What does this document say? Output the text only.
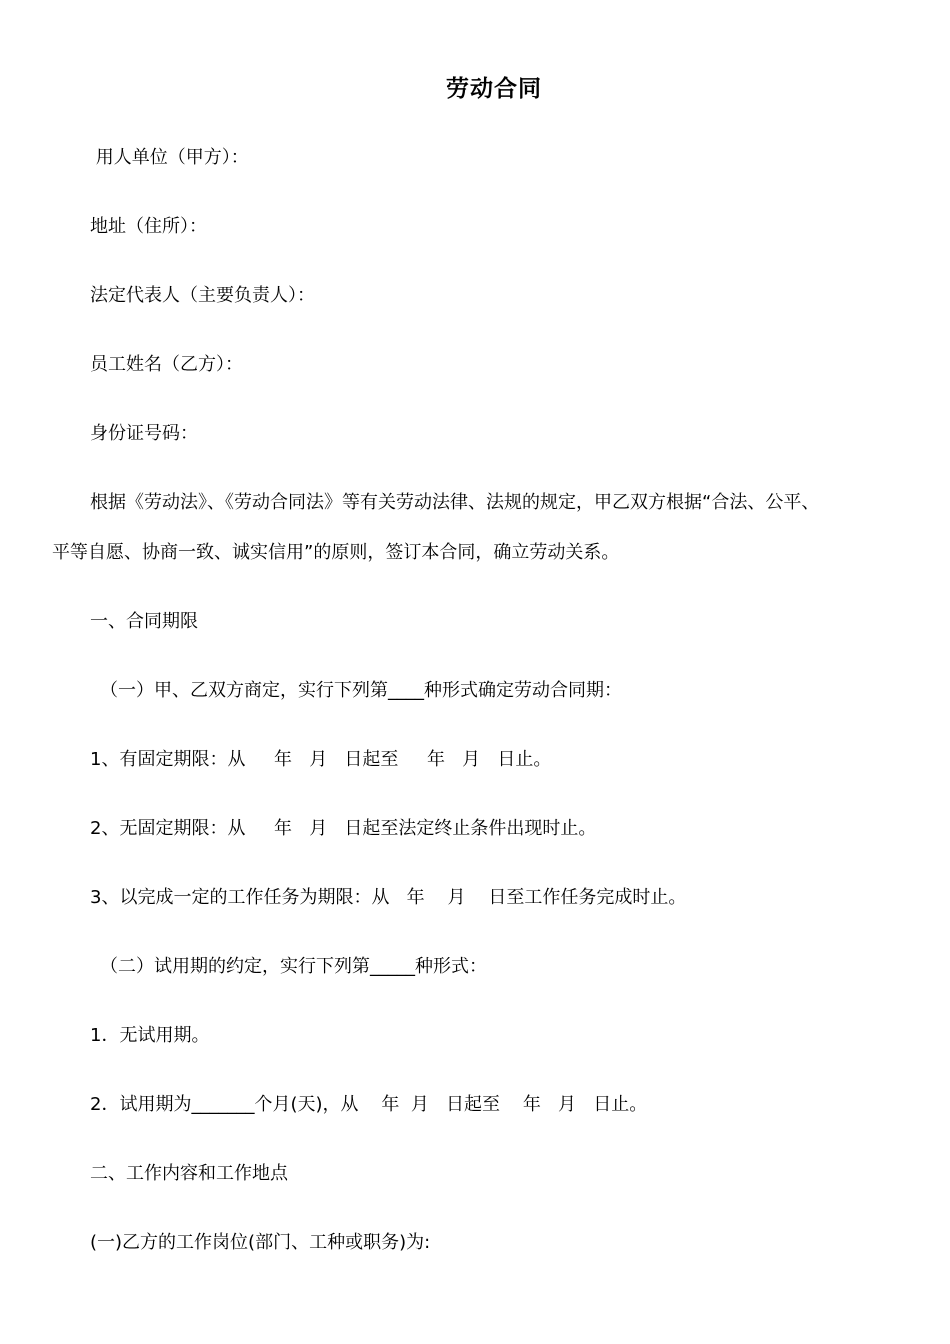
劳动合同
用人单位（甲方）：
地址（住所）：
法定代表人（主要负责人）：
员工姓名（乙方）：
身份证号码：
根据《劳动法》、《劳动合同法》等有关劳动法律、法规的规定，甲乙双方根据“合法、公平、
平等自愿、协商一致、诚实信用”的原则，签订本合同，确立劳动关系。
一、合同期限
（一）甲、乙双方商定，实行下列第____种形式确定劳动合同期：
1、有固定期限：从     年   月   日起至     年   月   日止。
2、无固定期限：从     年   月   日起至法定终止条件出现时止。
3、以完成一定的工作任务为期限：从   年    月    日至工作任务完成时止。
（二）试用期的约定，实行下列第_____种形式：
1．无试用期。
2．试用期为_______个月(天)，从    年  月   日起至    年   月   日止。
二、工作内容和工作地点
(一)乙方的工作岗位(部门、工种或职务)为:
